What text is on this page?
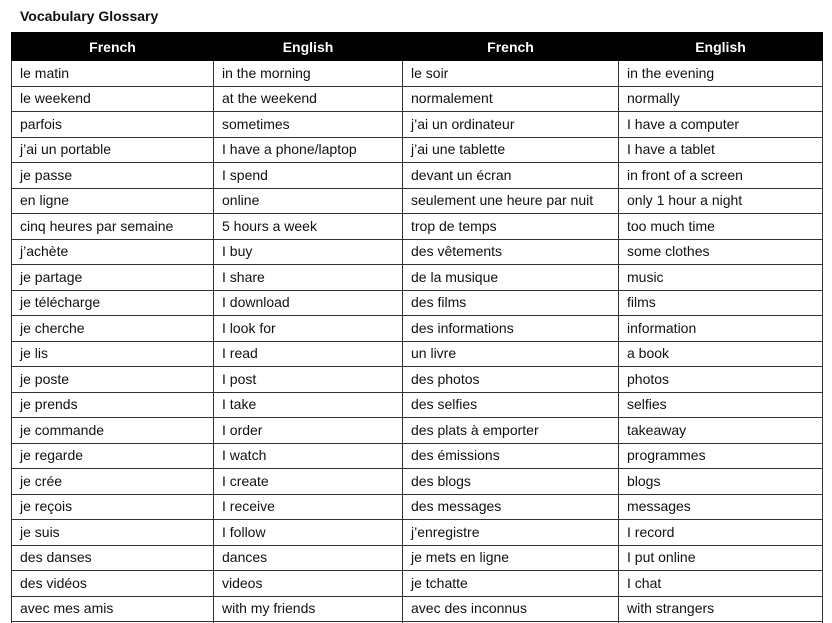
Vocabulary Glossary
French	English	French	English
le matin	in the morning	le soir	in the evening
le weekend	at the weekend	normalement	normally
parfois	sometimes	j’ai un ordinateur	I have a computer
j’ai un portable	I have a phone/laptop	j’ai une tablette	I have a tablet
je passe	I spend	devant un écran	in front of a screen
en ligne	online	seulement une heure par nuit	only 1 hour a night
cinq heures par semaine	5 hours a week	trop de temps	too much time
j’achète	I buy	des vêtements	some clothes
je partage	I share	de la musique	music
je télécharge	I download	des films	films
je cherche	I look for	des informations	information
je lis	I read	un livre	a book
je poste	I post	des photos	photos
je prends	I take	des selfies	selfies
je commande	I order	des plats à emporter	takeaway
je regarde	I watch	des émissions	programmes
je crée	I create	des blogs	blogs
je reçois	I receive	des messages	messages
je suis	I follow	j’enregistre	I record
des danses	dances	je mets en ligne	I put online
des vidéos	videos	je tchatte	I chat
avec mes amis	with my friends	avec des inconnus	with strangers
